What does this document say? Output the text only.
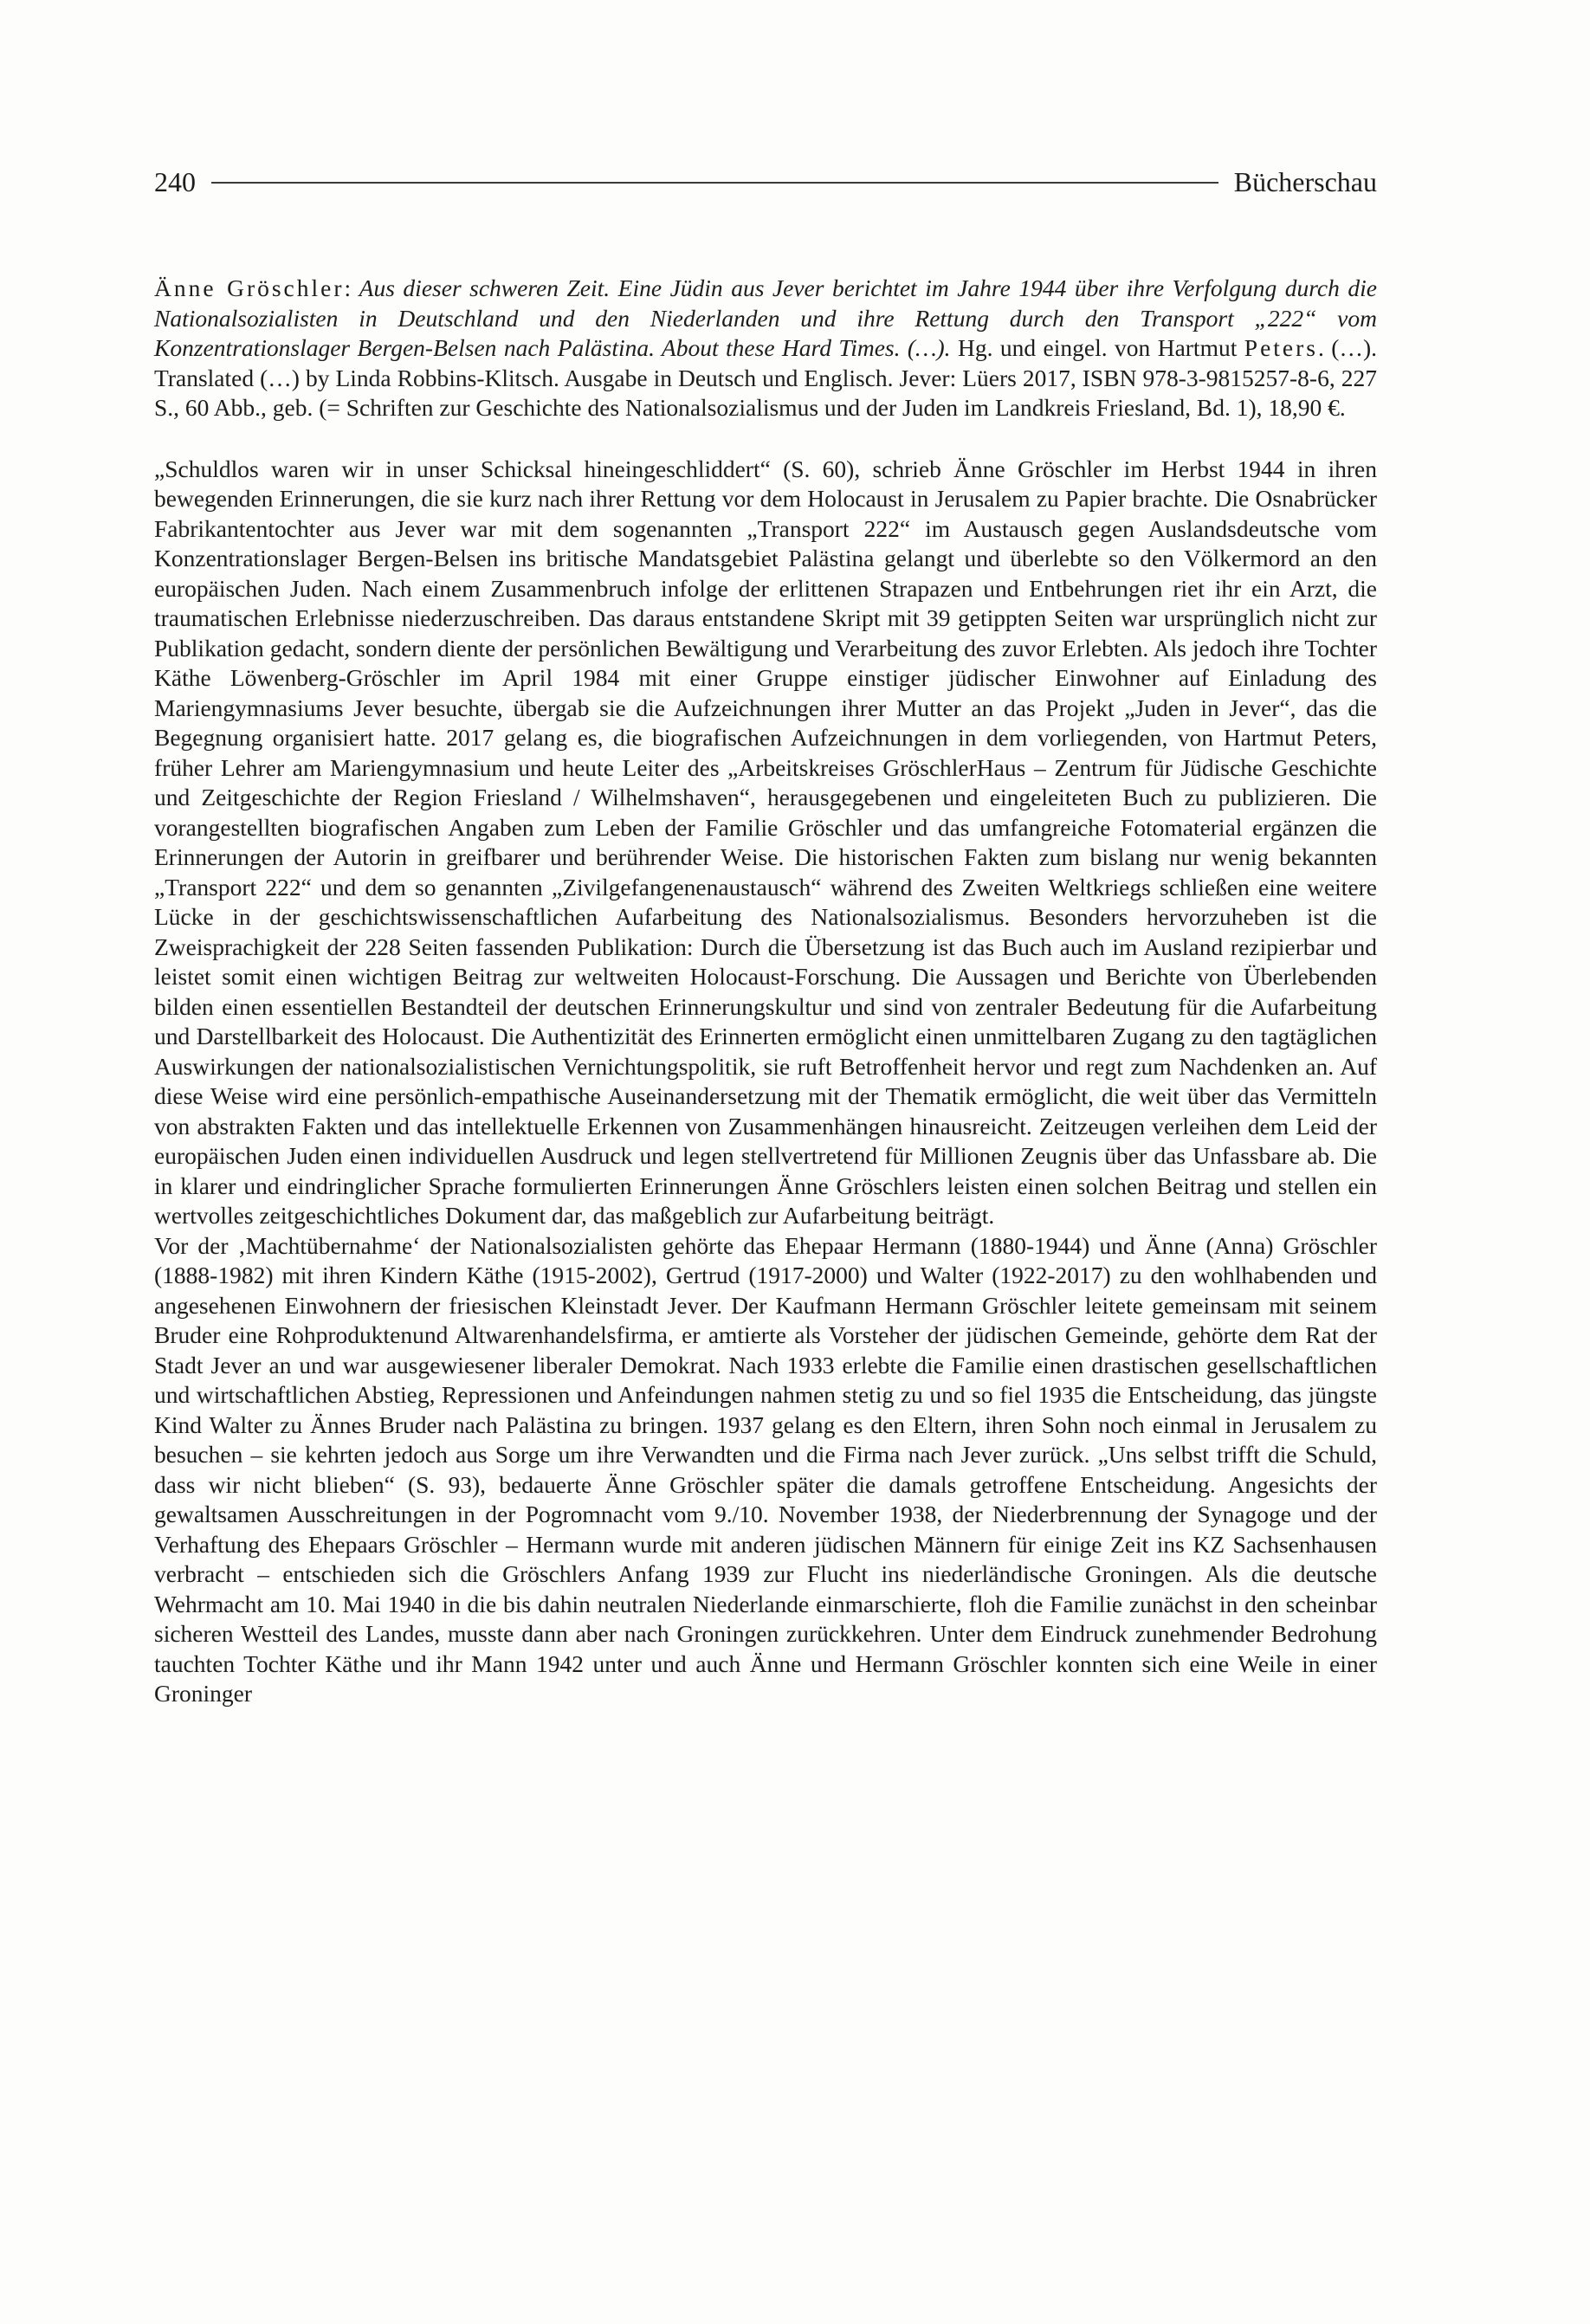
240	Bücherschau

Änne Gröschler: Aus dieser schweren Zeit. Eine Jüdin aus Jever berichtet im Jahre 1944 über ihre Verfolgung durch die Nationalsozialisten in Deutschland und den Niederlanden und ihre Rettung durch den Transport „222“ vom Konzentrationslager Bergen-Belsen nach Palästina. About these Hard Times. (…). Hg. und eingel. von Hartmut Peters. (…). Translated (…) by Linda Robbins-Klitsch. Ausgabe in Deutsch und Englisch. Jever: Lüers 2017, ISBN 978-3-9815257-8-6, 227 S., 60 Abb., geb. (= Schriften zur Geschichte des Nationalsozialismus und der Juden im Landkreis Friesland, Bd. 1), 18,90 €.

„Schuldlos waren wir in unser Schicksal hineingeschliddert“ (S. 60), schrieb Änne Gröschler im Herbst 1944 in ihren bewegenden Erinnerungen, die sie kurz nach ihrer Rettung vor dem Holocaust in Jerusalem zu Papier brachte. Die Osnabrücker Fabrikantentochter aus Jever war mit dem sogenannten „Transport 222“ im Austausch gegen Auslandsdeutsche vom Konzentrationslager Bergen-Belsen ins britische Mandatsgebiet Palästina gelangt und überlebte so den Völkermord an den europäischen Juden. Nach einem Zusammenbruch infolge der erlittenen Strapazen und Entbehrungen riet ihr ein Arzt, die traumatischen Erlebnisse niederzuschreiben. Das daraus entstandene Skript mit 39 getippten Seiten war ursprünglich nicht zur Publikation gedacht, sondern diente der persönlichen Bewältigung und Verarbeitung des zuvor Erlebten. Als jedoch ihre Tochter Käthe Löwenberg-Gröschler im April 1984 mit einer Gruppe einstiger jüdischer Einwohner auf Einladung des Mariengymnasiums Jever besuchte, übergab sie die Aufzeichnungen ihrer Mutter an das Projekt „Juden in Jever“, das die Begegnung organisiert hatte. 2017 gelang es, die biografischen Aufzeichnungen in dem vorliegenden, von Hartmut Peters, früher Lehrer am Mariengymnasium und heute Leiter des „Arbeitskreises GröschlerHaus – Zentrum für Jüdische Geschichte und Zeitgeschichte der Region Friesland / Wilhelmshaven“, herausgegebenen und eingeleiteten Buch zu publizieren. Die vorangestellten biografischen Angaben zum Leben der Familie Gröschler und das umfangreiche Fotomaterial ergänzen die Erinnerungen der Autorin in greifbarer und berührender Weise. Die historischen Fakten zum bislang nur wenig bekannten „Transport 222“ und dem so genannten „Zivilgefangenenaustausch“ während des Zweiten Weltkriegs schließen eine weitere Lücke in der geschichtswissenschaftlichen Aufarbeitung des Nationalsozialismus. Besonders hervorzuheben ist die Zweisprachigkeit der 228 Seiten fassenden Publikation: Durch die Übersetzung ist das Buch auch im Ausland rezipierbar und leistet somit einen wichtigen Beitrag zur weltweiten Holocaust-Forschung. Die Aussagen und Berichte von Überlebenden bilden einen essentiellen Bestandteil der deutschen Erinnerungskultur und sind von zentraler Bedeutung für die Aufarbeitung und Darstellbarkeit des Holocaust. Die Authentizität des Erinnerten ermöglicht einen unmittelbaren Zugang zu den tagtäglichen Auswirkungen der nationalsozialistischen Vernichtungspolitik, sie ruft Betroffenheit hervor und regt zum Nachdenken an. Auf diese Weise wird eine persönlich-empathische Auseinandersetzung mit der Thematik ermöglicht, die weit über das Vermitteln von abstrakten Fakten und das intellektuelle Erkennen von Zusammenhängen hinausreicht. Zeitzeugen verleihen dem Leid der europäischen Juden einen individuellen Ausdruck und legen stellvertretend für Millionen Zeugnis über das Unfassbare ab. Die in klarer und eindringlicher Sprache formulierten Erinnerungen Änne Gröschlers leisten einen solchen Beitrag und stellen ein wertvolles zeitgeschichtliches Dokument dar, das maßgeblich zur Aufarbeitung beiträgt.

Vor der ‚Machtübernahme‘ der Nationalsozialisten gehörte das Ehepaar Hermann (1880-1944) und Änne (Anna) Gröschler (1888-1982) mit ihren Kindern Käthe (1915-2002), Gertrud (1917-2000) und Walter (1922-2017) zu den wohlhabenden und angesehenen Einwohnern der friesischen Kleinstadt Jever. Der Kaufmann Hermann Gröschler leitete gemeinsam mit seinem Bruder eine Rohproduktenund Altwarenhandelsfirma, er amtierte als Vorsteher der jüdischen Gemeinde, gehörte dem Rat der Stadt Jever an und war ausgewiesener liberaler Demokrat. Nach 1933 erlebte die Familie einen drastischen gesellschaftlichen und wirtschaftlichen Abstieg, Repressionen und Anfeindungen nahmen stetig zu und so fiel 1935 die Entscheidung, das jüngste Kind Walter zu Ännes Bruder nach Palästina zu bringen. 1937 gelang es den Eltern, ihren Sohn noch einmal in Jerusalem zu besuchen – sie kehrten jedoch aus Sorge um ihre Verwandten und die Firma nach Jever zurück. „Uns selbst trifft die Schuld, dass wir nicht blieben“ (S. 93), bedauerte Änne Gröschler später die damals getroffene Entscheidung. Angesichts der gewaltsamen Ausschreitungen in der Pogromnacht vom 9./10. November 1938, der Niederbrennung der Synagoge und der Verhaftung des Ehepaars Gröschler – Hermann wurde mit anderen jüdischen Männern für einige Zeit ins KZ Sachsenhausen verbracht – entschieden sich die Gröschlers Anfang 1939 zur Flucht ins niederländische Groningen. Als die deutsche Wehrmacht am 10. Mai 1940 in die bis dahin neutralen Niederlande einmarschierte, floh die Familie zunächst in den scheinbar sicheren Westteil des Landes, musste dann aber nach Groningen zurückkehren. Unter dem Eindruck zunehmender Bedrohung tauchten Tochter Käthe und ihr Mann 1942 unter und auch Änne und Hermann Gröschler konnten sich eine Weile in einer Groninger
